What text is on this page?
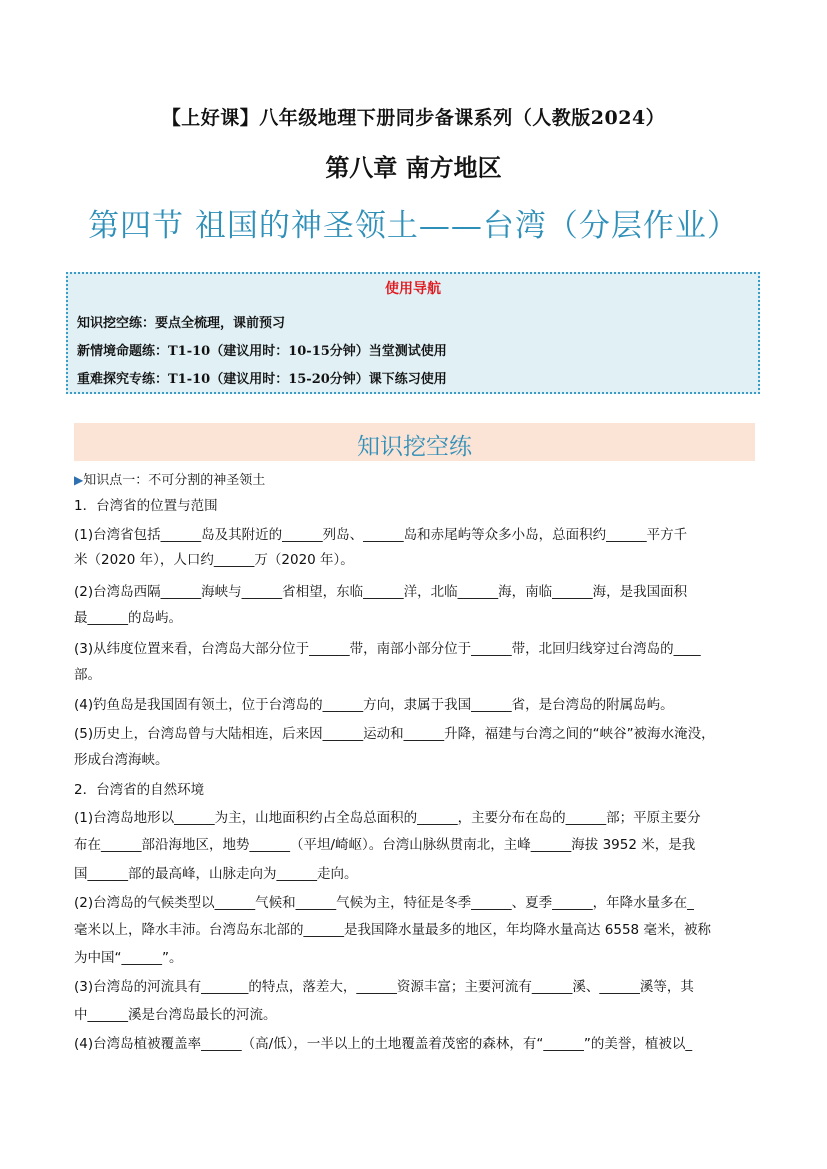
【上好课】八年级地理下册同步备课系列（人教版2024）
第八章 南方地区
第四节 祖国的神圣领土——台湾（分层作业）
使用导航
知识挖空练：要点全梳理，课前预习
新情境命题练：T1-10（建议用时：10-15分钟）当堂测试使用
重难探究专练：T1-10（建议用时：15-20分钟）课下练习使用
知识挖空练
▶知识点一：不可分割的神圣领土
1．台湾省的位置与范围
(1)台湾省包括______岛及其附近的______列岛、______岛和赤尾屿等众多小岛，总面积约______平方千
米（2020 年），人口约______万（2020 年）。
(2)台湾岛西隔______海峡与______省相望，东临______洋，北临______海，南临______海，是我国面积
最______的岛屿。
(3)从纬度位置来看，台湾岛大部分位于______带，南部小部分位于______带，北回归线穿过台湾岛的____
部。
(4)钓鱼岛是我国固有领土，位于台湾岛的______方向，隶属于我国______省，是台湾岛的附属岛屿。
(5)历史上，台湾岛曾与大陆相连，后来因______运动和______升降，福建与台湾之间的“峡谷”被海水淹没，
形成台湾海峡。
2．台湾省的自然环境
(1)台湾岛地形以______为主，山地面积约占全岛总面积的______，主要分布在岛的______部；平原主要分
布在______部沿海地区，地势______（平坦/崎岖）。台湾山脉纵贯南北，主峰______海拔 3952 米，是我
国______部的最高峰，山脉走向为______走向。
(2)台湾岛的气候类型以______气候和______气候为主，特征是冬季______、夏季______，年降水量多在_
毫米以上，降水丰沛。台湾岛东北部的______是我国降水量最多的地区，年均降水量高达 6558 毫米，被称
为中国“______”。
(3)台湾岛的河流具有_______的特点，落差大，______资源丰富；主要河流有______溪、______溪等，其
中______溪是台湾岛最长的河流。
(4)台湾岛植被覆盖率______（高/低），一半以上的土地覆盖着茂密的森林，有“______”的美誉，植被以_
